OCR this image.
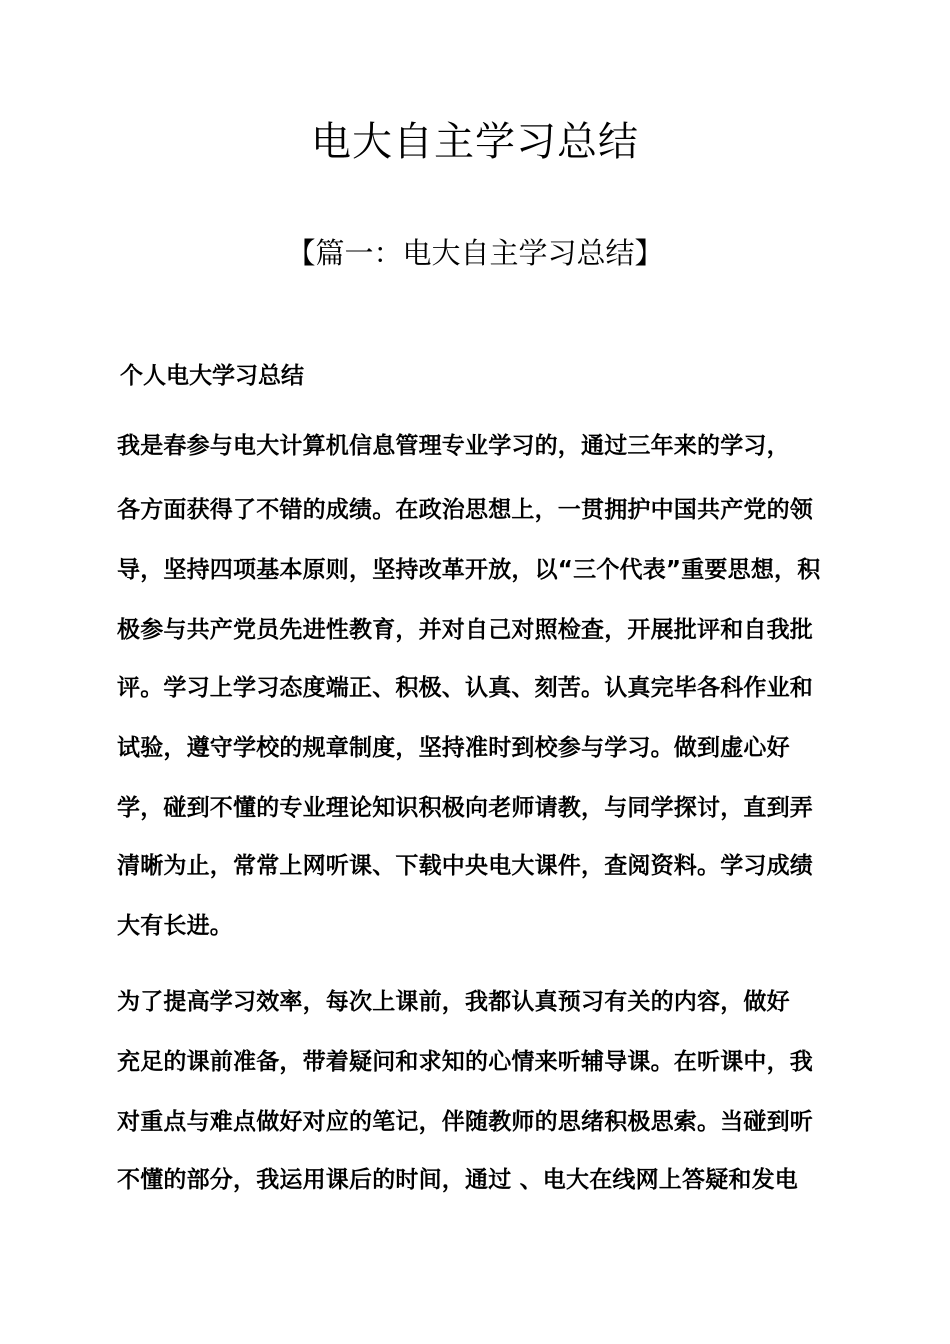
电大自主学习总结
【篇一：电大自主学习总结】
个人电大学习总结

我是春参与电大计算机信息管理专业学习的，通过三年来的学习，

各方面获得了不错的成绩。在政治思想上，一贯拥护中国共产党的领

导，坚持四项基本原则，坚持改革开放，以“三个代表”重要思想，积

极参与共产党员先进性教育，并对自己对照检查，开展批评和自我批

评。学习上学习态度端正、积极、认真、刻苦。认真完毕各科作业和

试验，遵守学校的规章制度，坚持准时到校参与学习。做到虚心好

学，碰到不懂的专业理论知识积极向老师请教，与同学探讨，直到弄

清晰为止，常常上网听课、下载中央电大课件，查阅资料。学习成绩

大有长进。

为了提高学习效率，每次上课前，我都认真预习有关的内容，做好

充足的课前准备，带着疑问和求知的心情来听辅导课。在听课中，我

对重点与难点做好对应的笔记，伴随教师的思绪积极思索。当碰到听

不懂的部分，我运用课后的时间，通过 、电大在线网上答疑和发电
